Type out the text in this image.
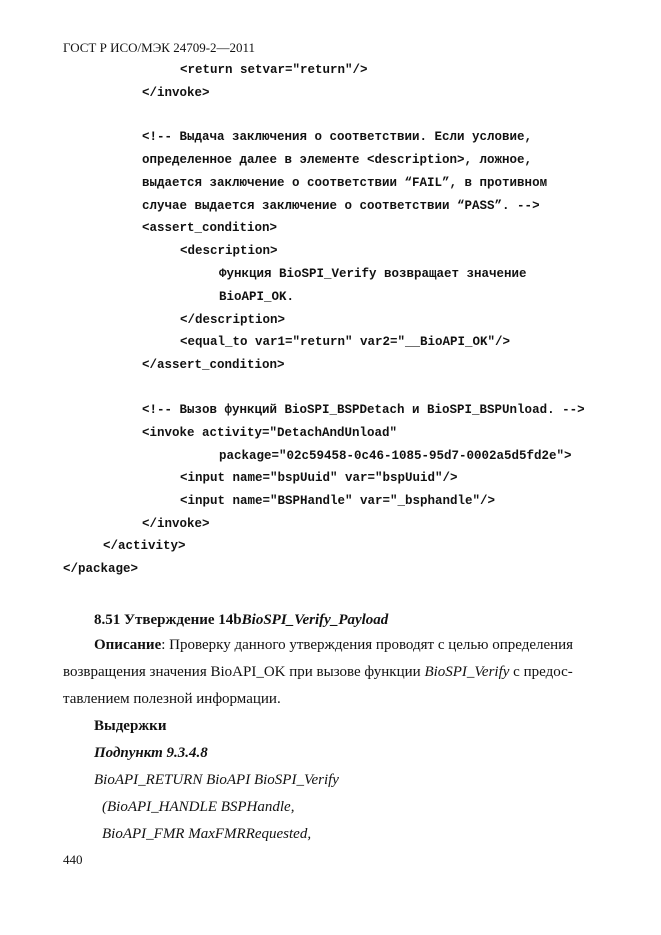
ГОСТ Р ИСО/МЭК 24709-2—2011
<return setvar="return"/>
</invoke>
<!-- Выдача заключения о соответствии. Если условие,
определенное далее в элементе <description>, ложное,
выдается заключение о соответствии “FAIL”, в противном
случае выдается заключение о соответствии “PASS”. -->
<assert_condition>
<description>
Функция BioSPI_Verify возвращает значение
BioAPI_OK.
</description>
<equal_to var1="return" var2="__BioAPI_OK"/>
</assert_condition>
<!-- Вызов функций BioSPI_BSPDetach и BioSPI_BSPUnload. -->
<invoke activity="DetachAndUnload"
package="02c59458-0c46-1085-95d7-0002a5d5fd2e">
<input name="bspUuid" var="bspUuid"/>
<input name="BSPHandle" var="_bsphandle"/>
</invoke>
</activity>
</package>
8.51 Утверждение 14bBioSPI_Verify_Payload
Описание: Проверку данного утверждения проводят с целью определения
возвращения значения BioAPI_OK при вызове функции BioSPI_Verify с предос-
тавлением полезной информации.
Выдержки
Подпункт 9.3.4.8
BioAPI_RETURN BioAPI BioSPI_Verify
(BioAPI_HANDLE BSPHandle,
BioAPI_FMR MaxFMRRequested,
440
